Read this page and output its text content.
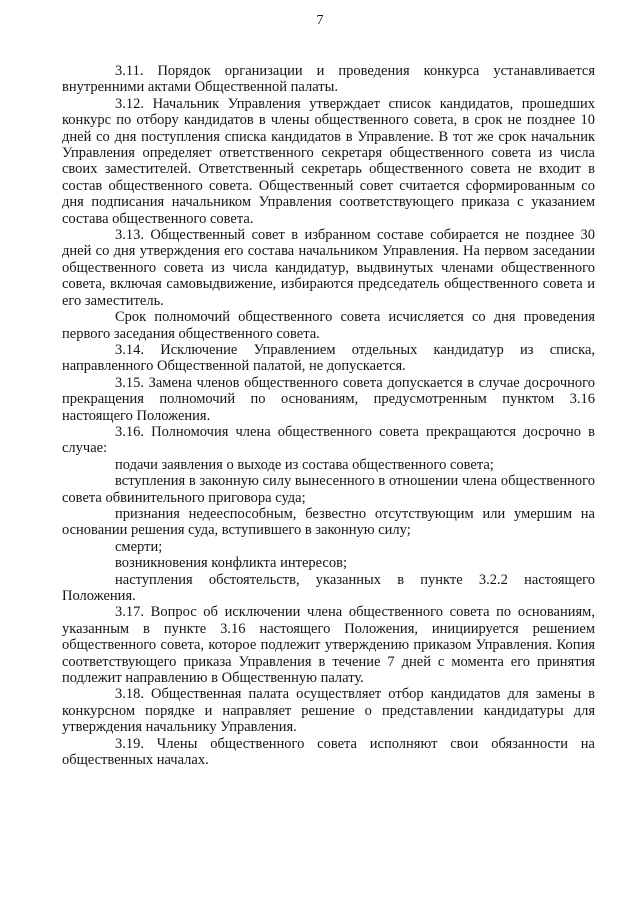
7

3.11. Порядок организации и проведения конкурса устанавливается внутренними актами Общественной палаты.

3.12. Начальник Управления утверждает список кандидатов, прошедших конкурс по отбору кандидатов в члены общественного совета, в срок не позднее 10 дней со дня поступления списка кандидатов в Управление. В тот же срок начальник Управления определяет ответственного секретаря общественного совета из числа своих заместителей. Ответственный секретарь общественного совета не входит в состав общественного совета. Общественный совет считается сформированным со дня подписания начальником Управления соответствующего приказа с указанием состава общественного совета.

3.13. Общественный совет в избранном составе собирается не позднее 30 дней со дня утверждения его состава начальником Управления. На первом заседании общественного совета из числа кандидатур, выдвинутых членами общественного совета, включая самовыдвижение, избираются председатель общественного совета и его заместитель.

Срок полномочий общественного совета исчисляется со дня проведения первого заседания общественного совета.

3.14. Исключение Управлением отдельных кандидатур из списка, направленного Общественной палатой, не допускается.

3.15. Замена членов общественного совета допускается в случае досрочного прекращения полномочий по основаниям, предусмотренным пунктом 3.16 настоящего Положения.

3.16. Полномочия члена общественного совета прекращаются досрочно в случае:

подачи заявления о выходе из состава общественного совета;

вступления в законную силу вынесенного в отношении члена общественного совета обвинительного приговора суда;

признания недееспособным, безвестно отсутствующим или умершим на основании решения суда, вступившего в законную силу;

смерти;

возникновения конфликта интересов;

наступления обстоятельств, указанных в пункте 3.2.2 настоящего Положения.

3.17. Вопрос об исключении члена общественного совета по основаниям, указанным в пункте 3.16 настоящего Положения, инициируется решением общественного совета, которое подлежит утверждению приказом Управления. Копия соответствующего приказа Управления в течение 7 дней с момента его принятия подлежит направлению в Общественную палату.

3.18. Общественная палата осуществляет отбор кандидатов для замены в конкурсном порядке и направляет решение о представлении кандидатуры для утверждения начальнику Управления.

3.19. Члены общественного совета исполняют свои обязанности на общественных началах.
